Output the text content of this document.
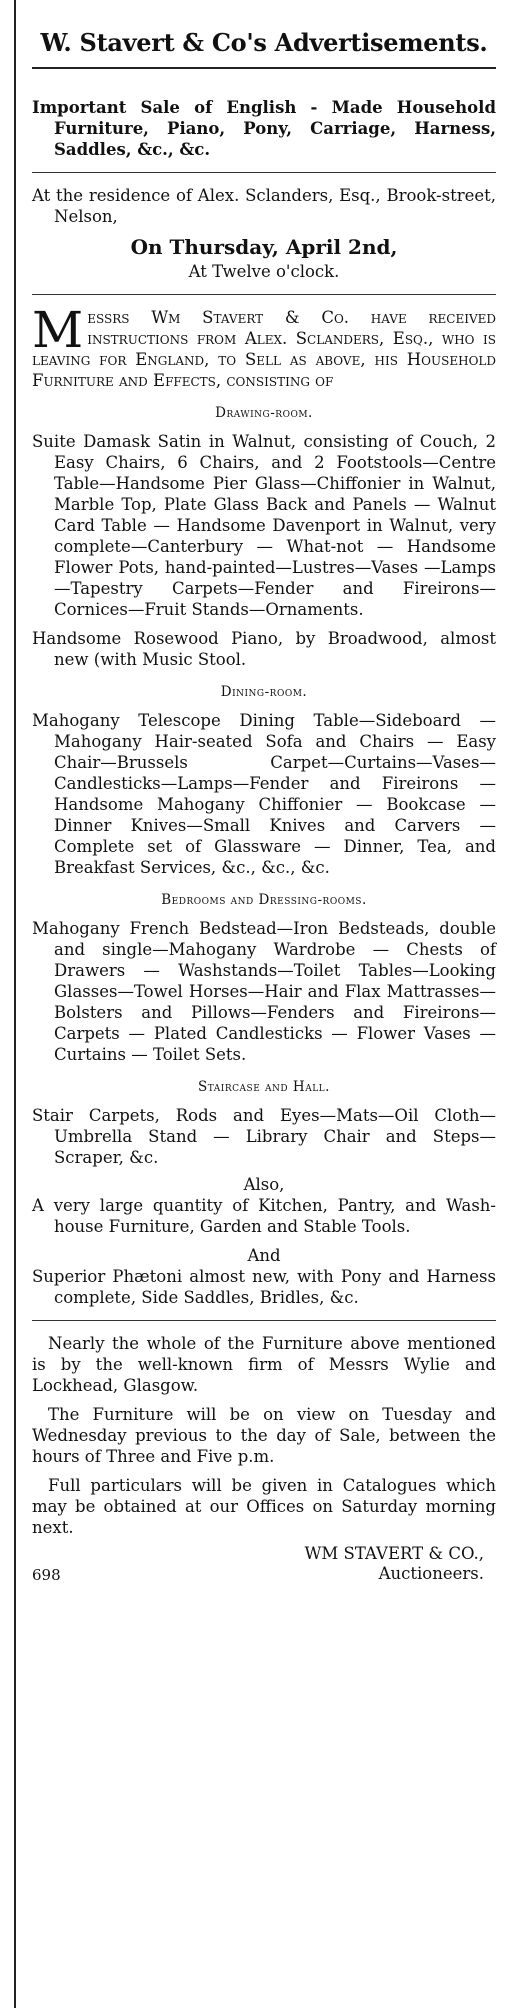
W. Stavert & Co's Advertisements.

Important Sale of English - Made Household Furniture, Piano, Pony, Carriage, Harness, Saddles, &c., &c.

At the residence of Alex. Sclanders, Esq., Brook-street, Nelson,

On Thursday, April 2nd,

At Twelve o'clock.

Messrs Wm Stavert & Co. have received instructions from Alex. Sclanders, Esq., who is leaving for England, to Sell as above, his Household Furniture and Effects, consisting of

Drawing-room.

Suite Damask Satin in Walnut, consisting of Couch, 2 Easy Chairs, 6 Chairs, and 2 Footstools—Centre Table—Handsome Pier Glass—Chiffonier in Walnut, Marble Top, Plate Glass Back and Panels — Walnut Card Table — Handsome Davenport in Walnut, very complete—Canterbury — What-not — Handsome Flower Pots, hand-painted—Lustres—Vases —Lamps—Tapestry Carpets—Fender and Fireirons—Cornices—Fruit Stands—Ornaments.

Handsome Rosewood Piano, by Broadwood, almost new (with Music Stool.

Dining-room.

Mahogany Telescope Dining Table—Sideboard — Mahogany Hair-seated Sofa and Chairs — Easy Chair—Brussels Carpet—Curtains—Vases—Candlesticks—Lamps—Fender and Fireirons — Handsome Mahogany Chiffonier — Bookcase — Dinner Knives—Small Knives and Carvers — Complete set of Glassware — Dinner, Tea, and Breakfast Services, &c., &c., &c.

Bedrooms and Dressing-rooms.

Mahogany French Bedstead—Iron Bedsteads, double and single—Mahogany Wardrobe — Chests of Drawers — Washstands—Toilet Tables—Looking Glasses—Towel Horses—Hair and Flax Mattrasses—Bolsters and Pillows—Fenders and Fireirons—Carpets — Plated Candlesticks — Flower Vases — Curtains — Toilet Sets.

Staircase and Hall.

Stair Carpets, Rods and Eyes—Mats—Oil Cloth—Umbrella Stand — Library Chair and Steps—Scraper, &c.

Also,

A very large quantity of Kitchen, Pantry, and Wash-house Furniture, Garden and Stable Tools.

And

Superior Phætoni almost new, with Pony and Harness complete, Side Saddles, Bridles, &c.

Nearly the whole of the Furniture above mentioned is by the well-known firm of Messrs Wylie and Lockhead, Glasgow.

The Furniture will be on view on Tuesday and Wednesday previous to the day of Sale, between the hours of Three and Five p.m.

Full particulars will be given in Catalogues which may be obtained at our Offices on Saturday morning next.

698
WM STAVERT & CO.,
Auctioneers.
